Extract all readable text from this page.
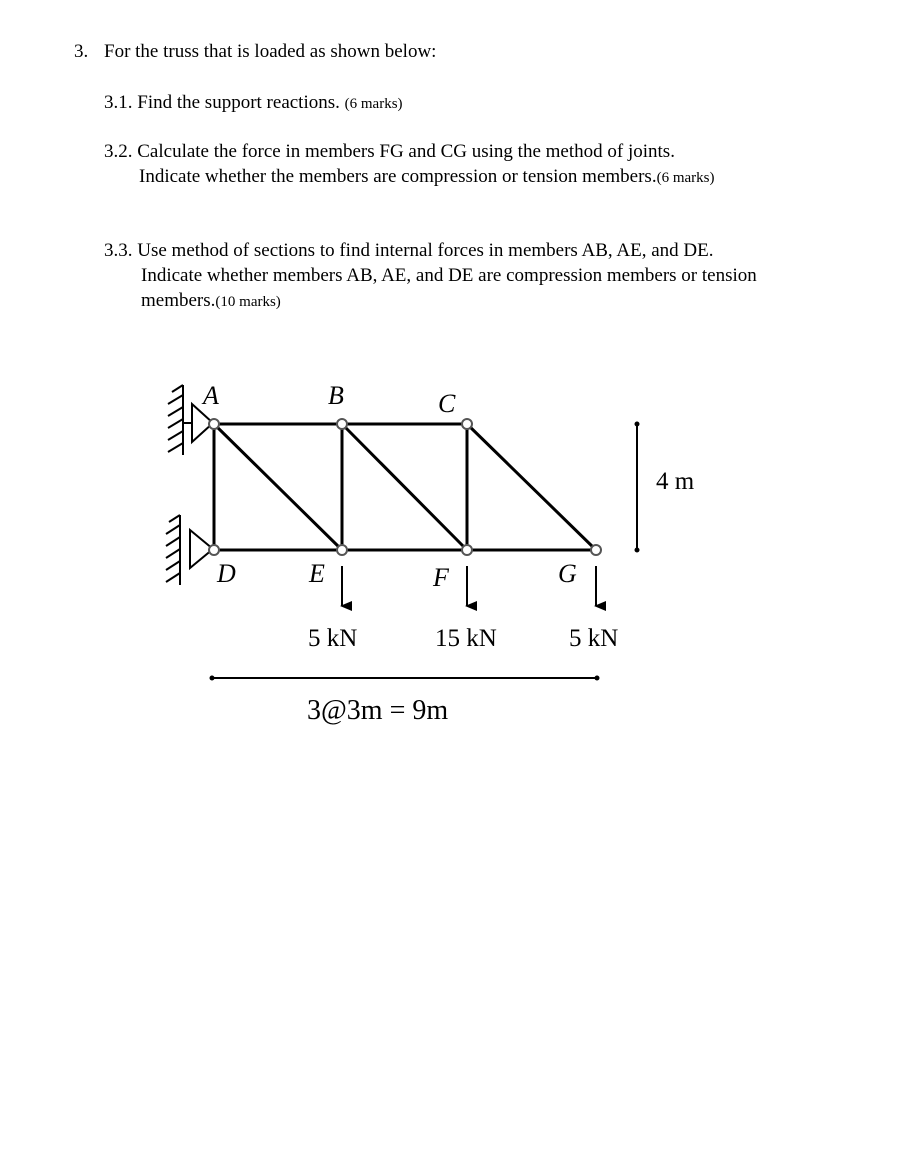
3. For the truss that is loaded as shown below:
3.1. Find the support reactions. (6 marks)
3.2. Calculate the force in members FG and CG using the method of joints.
Indicate whether the members are compression or tension members.(6 marks)
3.3. Use method of sections to find internal forces in members AB, AE, and DE.
Indicate whether members AB, AE, and DE are compression members or tension
members.(10 marks)
A	B	C
D	E	F	G
5 kN	15 kN	5 kN
4 m
3@3m = 9m
